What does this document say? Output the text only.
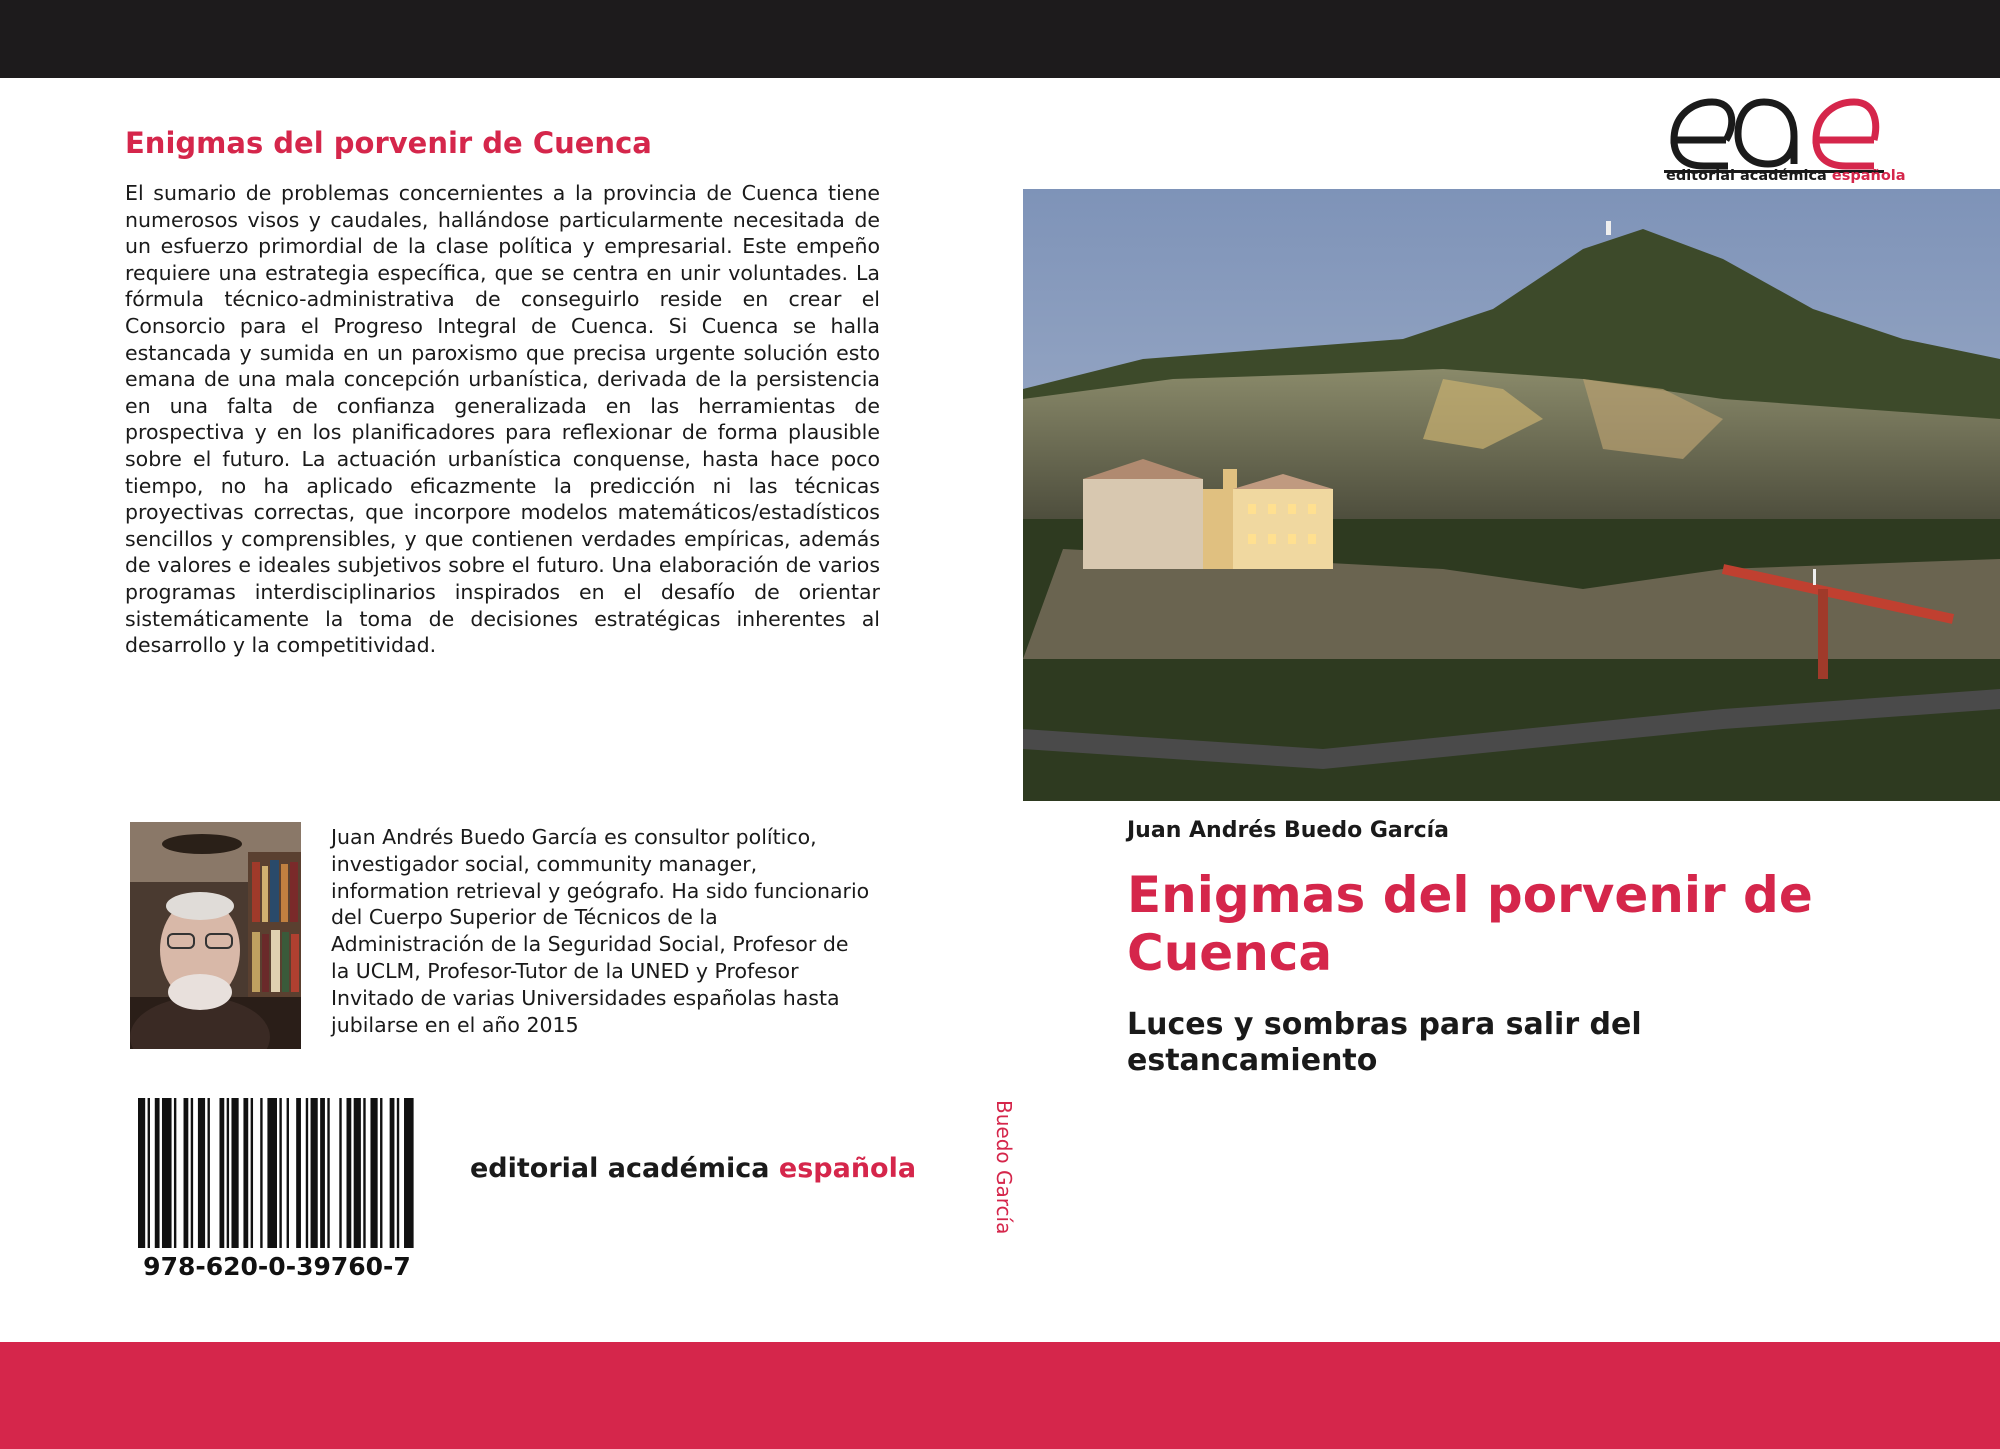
Enigmas del porvenir de Cuenca
El sumario de problemas concernientes a la provincia de Cuenca tiene numerosos visos y caudales, hallándose particularmente necesitada de un esfuerzo primordial de la clase política y empresarial. Este empeño requiere una estrategia específica, que se centra en unir voluntades. La fórmula técnico-administrativa de conseguirlo reside en crear el Consorcio para el Progreso Integral de Cuenca. Si Cuenca se halla estancada y sumida en un paroxismo que precisa urgente solución esto emana de una mala concepción urbanística, derivada de la persistencia en una falta de confianza generalizada en las herramientas de prospectiva y en los planificadores para reflexionar de forma plausible sobre el futuro. La actuación urbanística conquense, hasta hace poco tiempo, no ha aplicado eficazmente la predicción ni las técnicas proyectivas correctas, que incorpore modelos matemáticos/estadísticos sencillos y comprensibles, y que contienen verdades empíricas, además de valores e ideales subjetivos sobre el futuro. Una elaboración de varios programas interdisciplinarios inspirados en el desafío de orientar sistemáticamente la toma de decisiones estratégicas inherentes al desarrollo y la competitividad.
Juan Andrés Buedo García es consultor político, investigador social, community manager, information retrieval y geógrafo. Ha sido funcionario del Cuerpo Superior de Técnicos de la Administración de la Seguridad Social, Profesor de la UCLM, Profesor-Tutor de la UNED y Profesor Invitado de varias Universidades españolas hasta jubilarse en el año 2015
978-620-0-39760-7
editorial académica española	Buedo García
editorial académica española
Juan Andrés Buedo García
Enigmas del porvenir de Cuenca
Luces y sombras para salir del estancamiento
